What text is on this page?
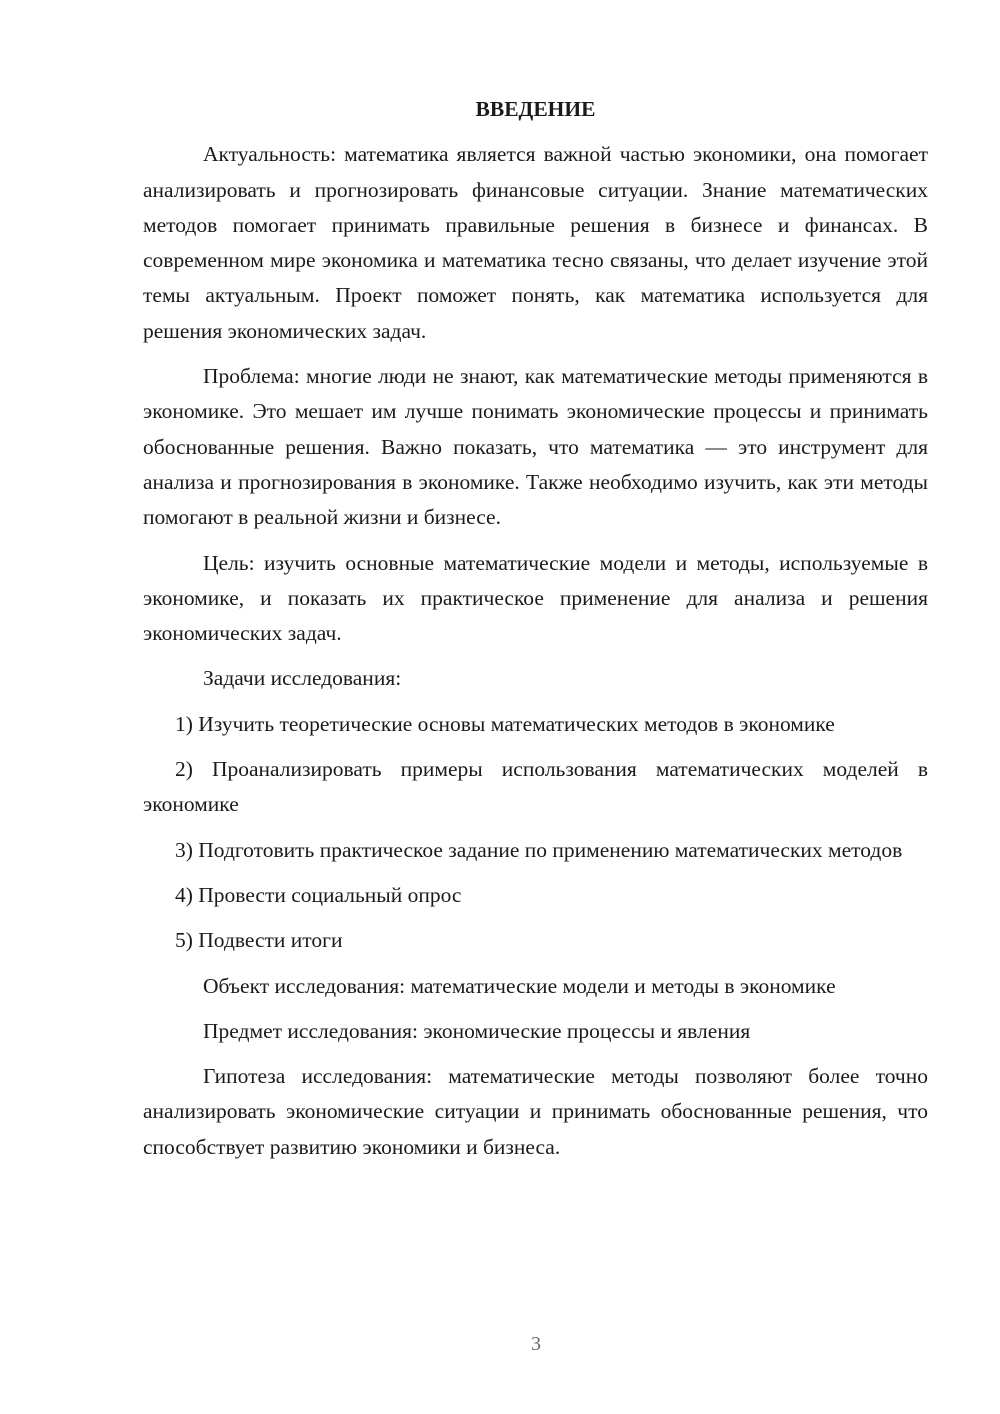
ВВЕДЕНИЕ

Актуальность: математика является важной частью экономики, она помогает анализировать и прогнозировать финансовые ситуации. Знание математических методов помогает принимать правильные решения в бизнесе и финансах. В современном мире экономика и математика тесно связаны, что делает изучение этой темы актуальным. Проект поможет понять, как математика используется для решения экономических задач.

Проблема: многие люди не знают, как математические методы применяются в экономике. Это мешает им лучше понимать экономические процессы и принимать обоснованные решения. Важно показать, что математика — это инструмент для анализа и прогнозирования в экономике. Также необходимо изучить, как эти методы помогают в реальной жизни и бизнесе.

Цель: изучить основные математические модели и методы, используемые в экономике, и показать их практическое применение для анализа и решения экономических задач.

Задачи исследования:

1) Изучить теоретические основы математических методов в экономике

2) Проанализировать примеры использования математических моделей в экономике

3) Подготовить практическое задание по применению математических методов

4) Провести социальный опрос

5) Подвести итоги

Объект исследования: математические модели и методы в экономике

Предмет исследования: экономические процессы и явления

Гипотеза исследования: математические методы позволяют более точно анализировать экономические ситуации и принимать обоснованные решения, что способствует развитию экономики и бизнеса.

3
